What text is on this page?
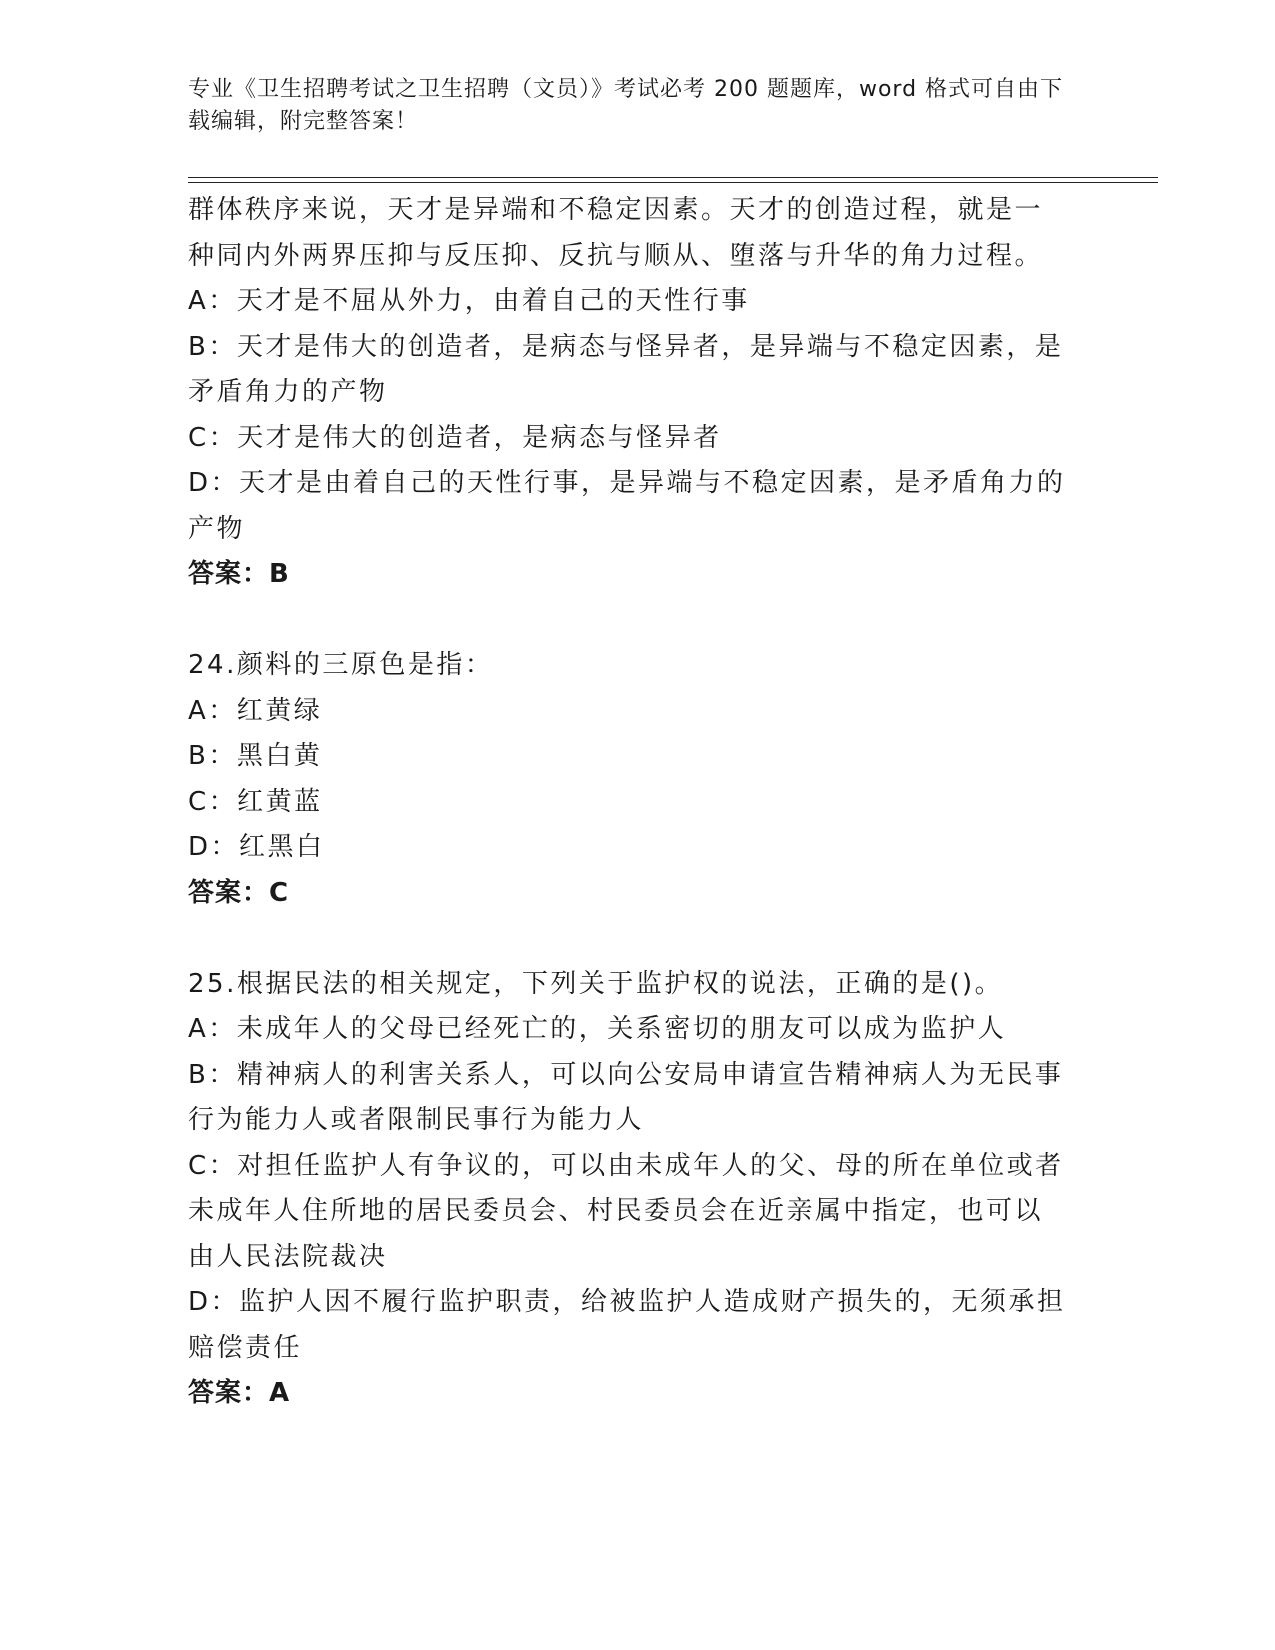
专业《卫生招聘考试之卫生招聘（文员）》考试必考 200 题题库，word 格式可自由下载编辑，附完整答案！
群体秩序来说，天才是异端和不稳定因素。天才的创造过程，就是一
种同内外两界压抑与反压抑、反抗与顺从、堕落与升华的角力过程。
A：天才是不屈从外力，由着自己的天性行事
B：天才是伟大的创造者，是病态与怪异者，是异端与不稳定因素，是
矛盾角力的产物
C：天才是伟大的创造者，是病态与怪异者
D：天才是由着自己的天性行事，是异端与不稳定因素，是矛盾角力的
产物
答案：B
24.颜料的三原色是指：
A：红黄绿
B：黑白黄
C：红黄蓝
D：红黑白
答案：C
25.根据民法的相关规定，下列关于监护权的说法，正确的是()。
A：未成年人的父母已经死亡的，关系密切的朋友可以成为监护人
B：精神病人的利害关系人，可以向公安局申请宣告精神病人为无民事
行为能力人或者限制民事行为能力人
C：对担任监护人有争议的，可以由未成年人的父、母的所在单位或者
未成年人住所地的居民委员会、村民委员会在近亲属中指定，也可以
由人民法院裁决
D：监护人因不履行监护职责，给被监护人造成财产损失的，无须承担
赔偿责任
答案：A
